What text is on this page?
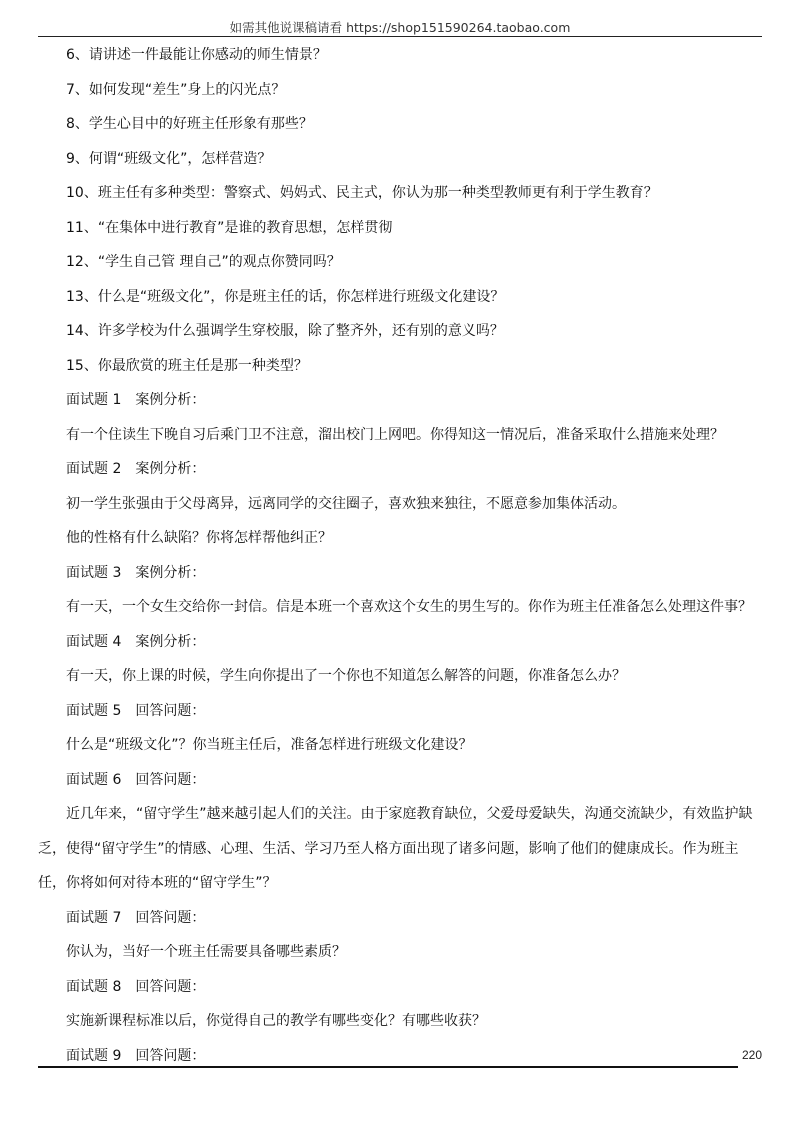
如需其他说课稿请看 https://shop151590264.taobao.com
6、请讲述一件最能让你感动的师生情景？
7、如何发现“差生”身上的闪光点？
8、学生心目中的好班主任形象有那些？
9、何谓“班级文化”，怎样营造？
10、班主任有多种类型：警察式、妈妈式、民主式，你认为那一种类型教师更有利于学生教育？
11、“在集体中进行教育”是谁的教育思想，怎样贯彻
12、“学生自己管 理自己”的观点你赞同吗？
13、什么是“班级文化”，你是班主任的话，你怎样进行班级文化建设？
14、许多学校为什么强调学生穿校服，除了整齐外，还有别的意义吗？
15、你最欣赏的班主任是那一种类型？
面试题 1 案例分析：
有一个住读生下晚自习后乘门卫不注意，溜出校门上网吧。你得知这一情况后，准备采取什么措施来处理？
面试题 2 案例分析：
初一学生张强由于父母离异，远离同学的交往圈子，喜欢独来独往，不愿意参加集体活动。
他的性格有什么缺陷？你将怎样帮他纠正？
面试题 3 案例分析：
有一天，一个女生交给你一封信。信是本班一个喜欢这个女生的男生写的。你作为班主任准备怎么处理这件事？
面试题 4 案例分析：
有一天，你上课的时候，学生向你提出了一个你也不知道怎么解答的问题，你准备怎么办？
面试题 5 回答问题：
什么是“班级文化”？你当班主任后，准备怎样进行班级文化建设？
面试题 6 回答问题：
近几年来，“留守学生”越来越引起人们的关注。由于家庭教育缺位，父爱母爱缺失，沟通交流缺少，有效监护缺乏，使得“留守学生”的情感、心理、生活、学习乃至人格方面出现了诸多问题，影响了他们的健康成长。作为班主任，你将如何对待本班的“留守学生”？
面试题 7 回答问题：
你认为，当好一个班主任需要具备哪些素质？
面试题 8 回答问题：
实施新课程标准以后，你觉得自己的教学有哪些变化？有哪些收获？
面试题 9 回答问题：	220
